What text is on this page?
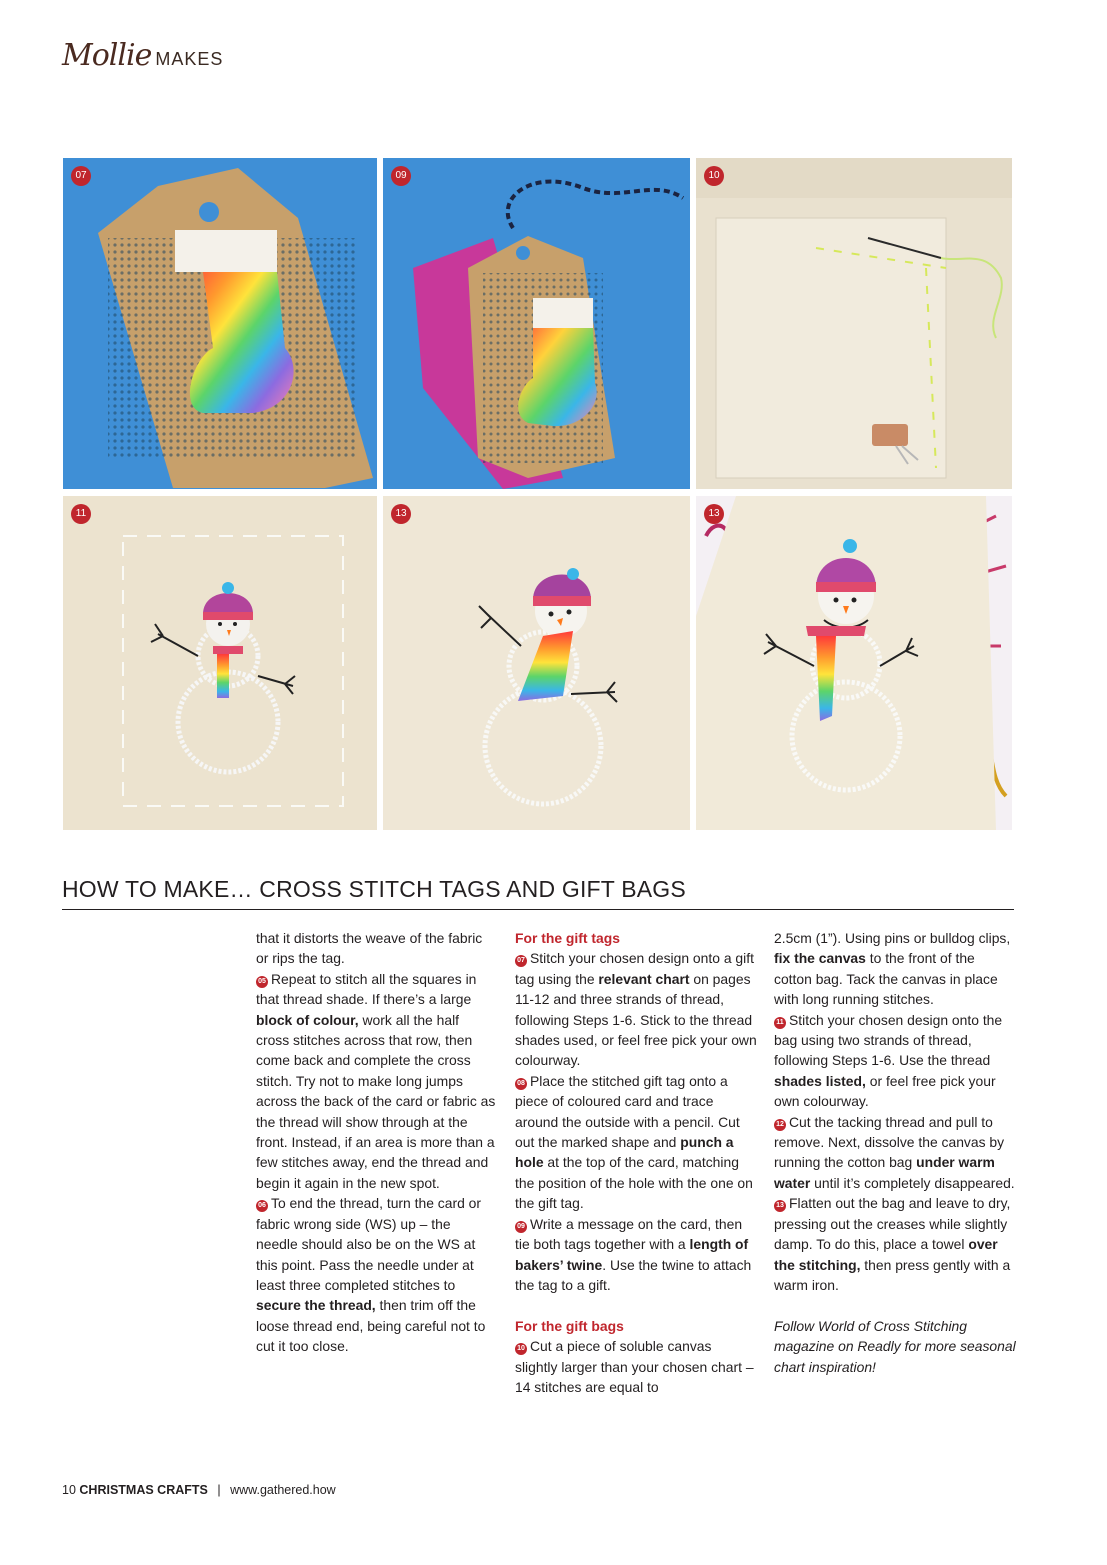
Mollie MAKES
07	09	10
11	13	13
HOW TO MAKE… CROSS STITCH TAGS AND GIFT BAGS

that it distorts the weave of the fabric or rips the tag.

05 Repeat to stitch all the squares in that thread shade. If there’s a large block of colour, work all the half cross stitches across that row, then come back and complete the cross stitch. Try not to make long jumps across the back of the card or fabric as the thread will show through at the front. Instead, if an area is more than a few stitches away, end the thread and begin it again in the new spot.

06 To end the thread, turn the card or fabric wrong side (WS) up – the needle should also be on the WS at this point. Pass the needle under at least three completed stitches to secure the thread, then trim off the loose thread end, being careful not to cut it too close.

For the gift tags

07 Stitch your chosen design onto a gift tag using the relevant chart on pages 11-12 and three strands of thread, following Steps 1-6. Stick to the thread shades used, or feel free pick your own colourway.

08 Place the stitched gift tag onto a piece of coloured card and trace around the outside with a pencil. Cut out the marked shape and punch a hole at the top of the card, matching the position of the hole with the one on the gift tag.

09 Write a message on the card, then tie both tags together with a length of bakers’ twine. Use the twine to attach the tag to a gift.

For the gift bags

10 Cut a piece of soluble canvas slightly larger than your chosen chart – 14 stitches are equal to

2.5cm (1”). Using pins or bulldog clips, fix the canvas to the front of the cotton bag. Tack the canvas in place with long running stitches.

11 Stitch your chosen design onto the bag using two strands of thread, following Steps 1-6. Use the thread shades listed, or feel free pick your own colourway.

12 Cut the tacking thread and pull to remove. Next, dissolve the canvas by running the cotton bag under warm water until it’s completely disappeared.

13 Flatten out the bag and leave to dry, pressing out the creases while slightly damp. To do this, place a towel over the stitching, then press gently with a warm iron.

Follow World of Cross Stitching magazine on Readly for more seasonal chart inspiration!

10 CHRISTMAS CRAFTS | www.gathered.how
